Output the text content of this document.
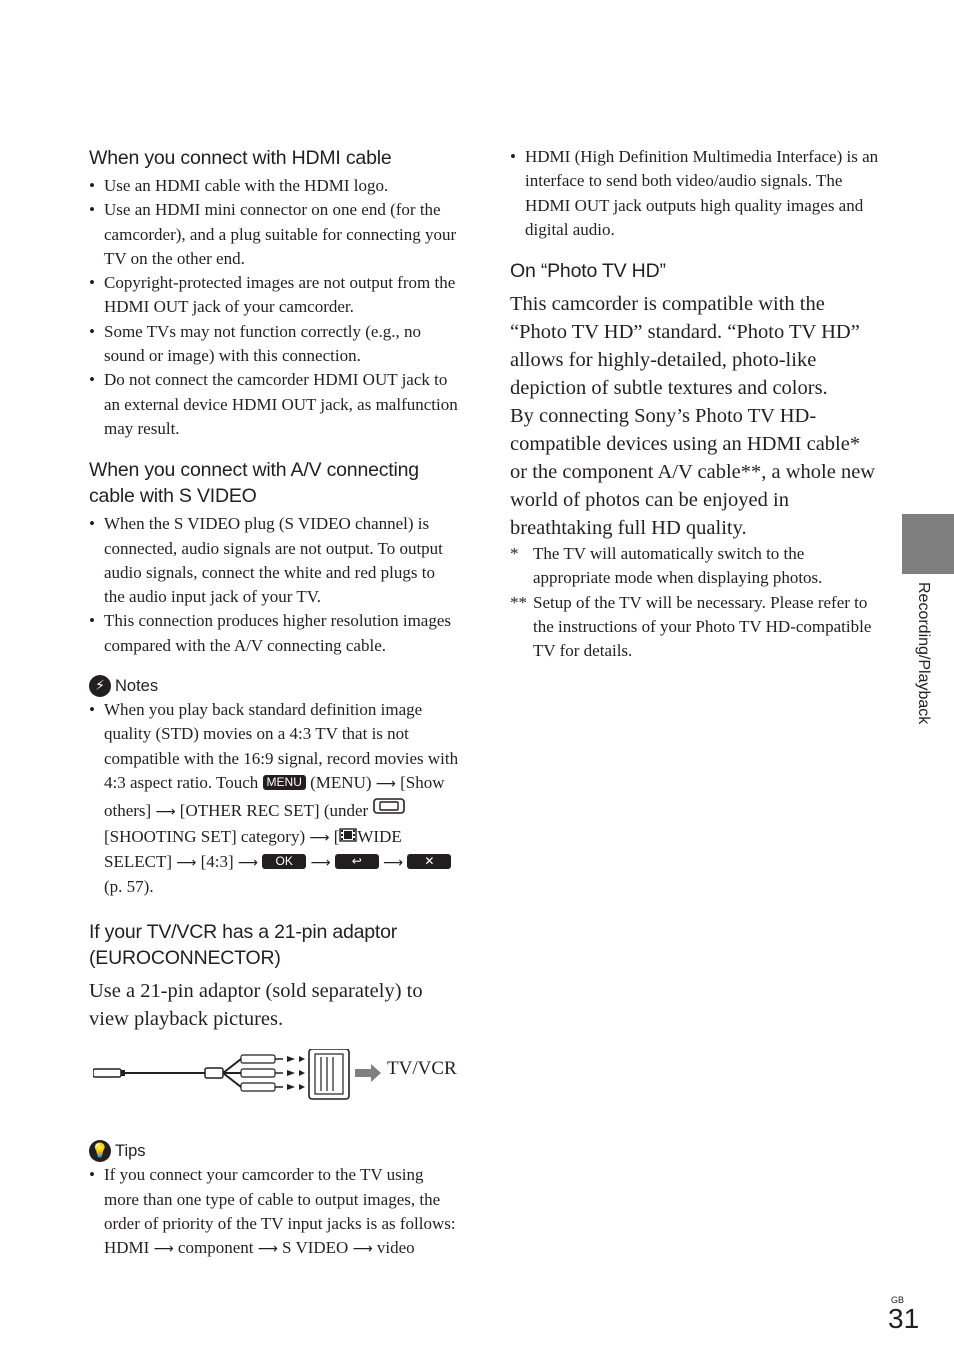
When you connect with HDMI cable
• Use an HDMI cable with the HDMI logo.
• Use an HDMI mini connector on one end (for the camcorder), and a plug suitable for connecting your TV on the other end.
• Copyright-protected images are not output from the HDMI OUT jack of your camcorder.
• Some TVs may not function correctly (e.g., no sound or image) with this connection.
• Do not connect the camcorder HDMI OUT jack to an external device HDMI OUT jack, as malfunction may result.
When you connect with A/V connecting cable with S VIDEO
• When the S VIDEO plug (S VIDEO channel) is connected, audio signals are not output. To output audio signals, connect the white and red plugs to the audio input jack of your TV.
• This connection produces higher resolution images compared with the A/V connecting cable.
⚡ Notes
• When you play back standard definition image quality (STD) movies on a 4:3 TV that is not compatible with the 16:9 signal, record movies with 4:3 aspect ratio. Touch MENU (MENU) ⟶ [Show others] ⟶ [OTHER REC SET] (under  [SHOOTING SET] category) ⟶ [ WIDE SELECT] ⟶ [4:3] ⟶ OK ⟶ ↩ ⟶ ✕ (p. 57).
If your TV/VCR has a 21-pin adaptor (EUROCONNECTOR)

Use a 21-pin adaptor (sold separately) to view playback pictures.

TV/VCR
💡 Tips
• If you connect your camcorder to the TV using more than one type of cable to output images, the order of priority of the TV input jacks is as follows:
HDMI ⟶ component ⟶ S VIDEO ⟶ video
• HDMI (High Definition Multimedia Interface) is an interface to send both video/audio signals. The HDMI OUT jack outputs high quality images and digital audio.
On “Photo TV HD”

This camcorder is compatible with the “Photo TV HD” standard. “Photo TV HD” allows for highly-detailed, photo-like depiction of subtle textures and colors.

By connecting Sony’s Photo TV HD-compatible devices using an HDMI cable* or the component A/V cable**, a whole new world of photos can be enjoyed in breathtaking full HD quality.

* The TV will automatically switch to the appropriate mode when displaying photos.
** Setup of the TV will be necessary. Please refer to the instructions of your Photo TV HD-compatible TV for details.	Recording/Playback
GB
31
